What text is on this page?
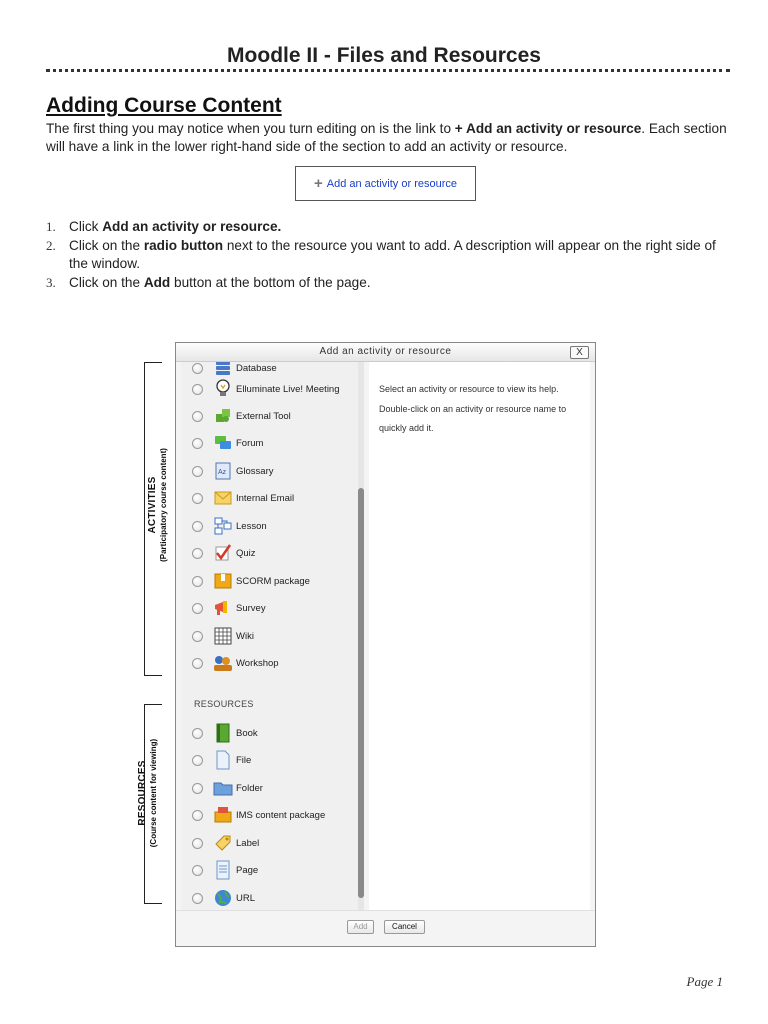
Moodle II - Files and Resources
Adding Course Content
The first thing you may notice when you turn editing on is the link to + Add an activity or resource. Each section will have a link in the lower right-hand side of the section to add an activity or resource.
+ Add an activity or resource
1. Click Add an activity or resource.
2. Click on the radio button next to the resource you want to add. A description will appear on the right side of the window.
3. Click on the Add button at the bottom of the page.
ACTIVITIES (Participatory course content)
RESOURCES (Course content for viewing)
Add an activity or resource	X
Database
Elluminate Live! Meeting
External Tool
Forum
Az Glossary
Internal Email
Lesson
Quiz
SCORM package
Survey
Wiki
Workshop
RESOURCES
Book
File
Folder
IMS content package
Label
Page
URL

Select an activity or resource to view its help. Double-click on an activity or resource name to quickly add it.

Add	Cancel
Page 1
